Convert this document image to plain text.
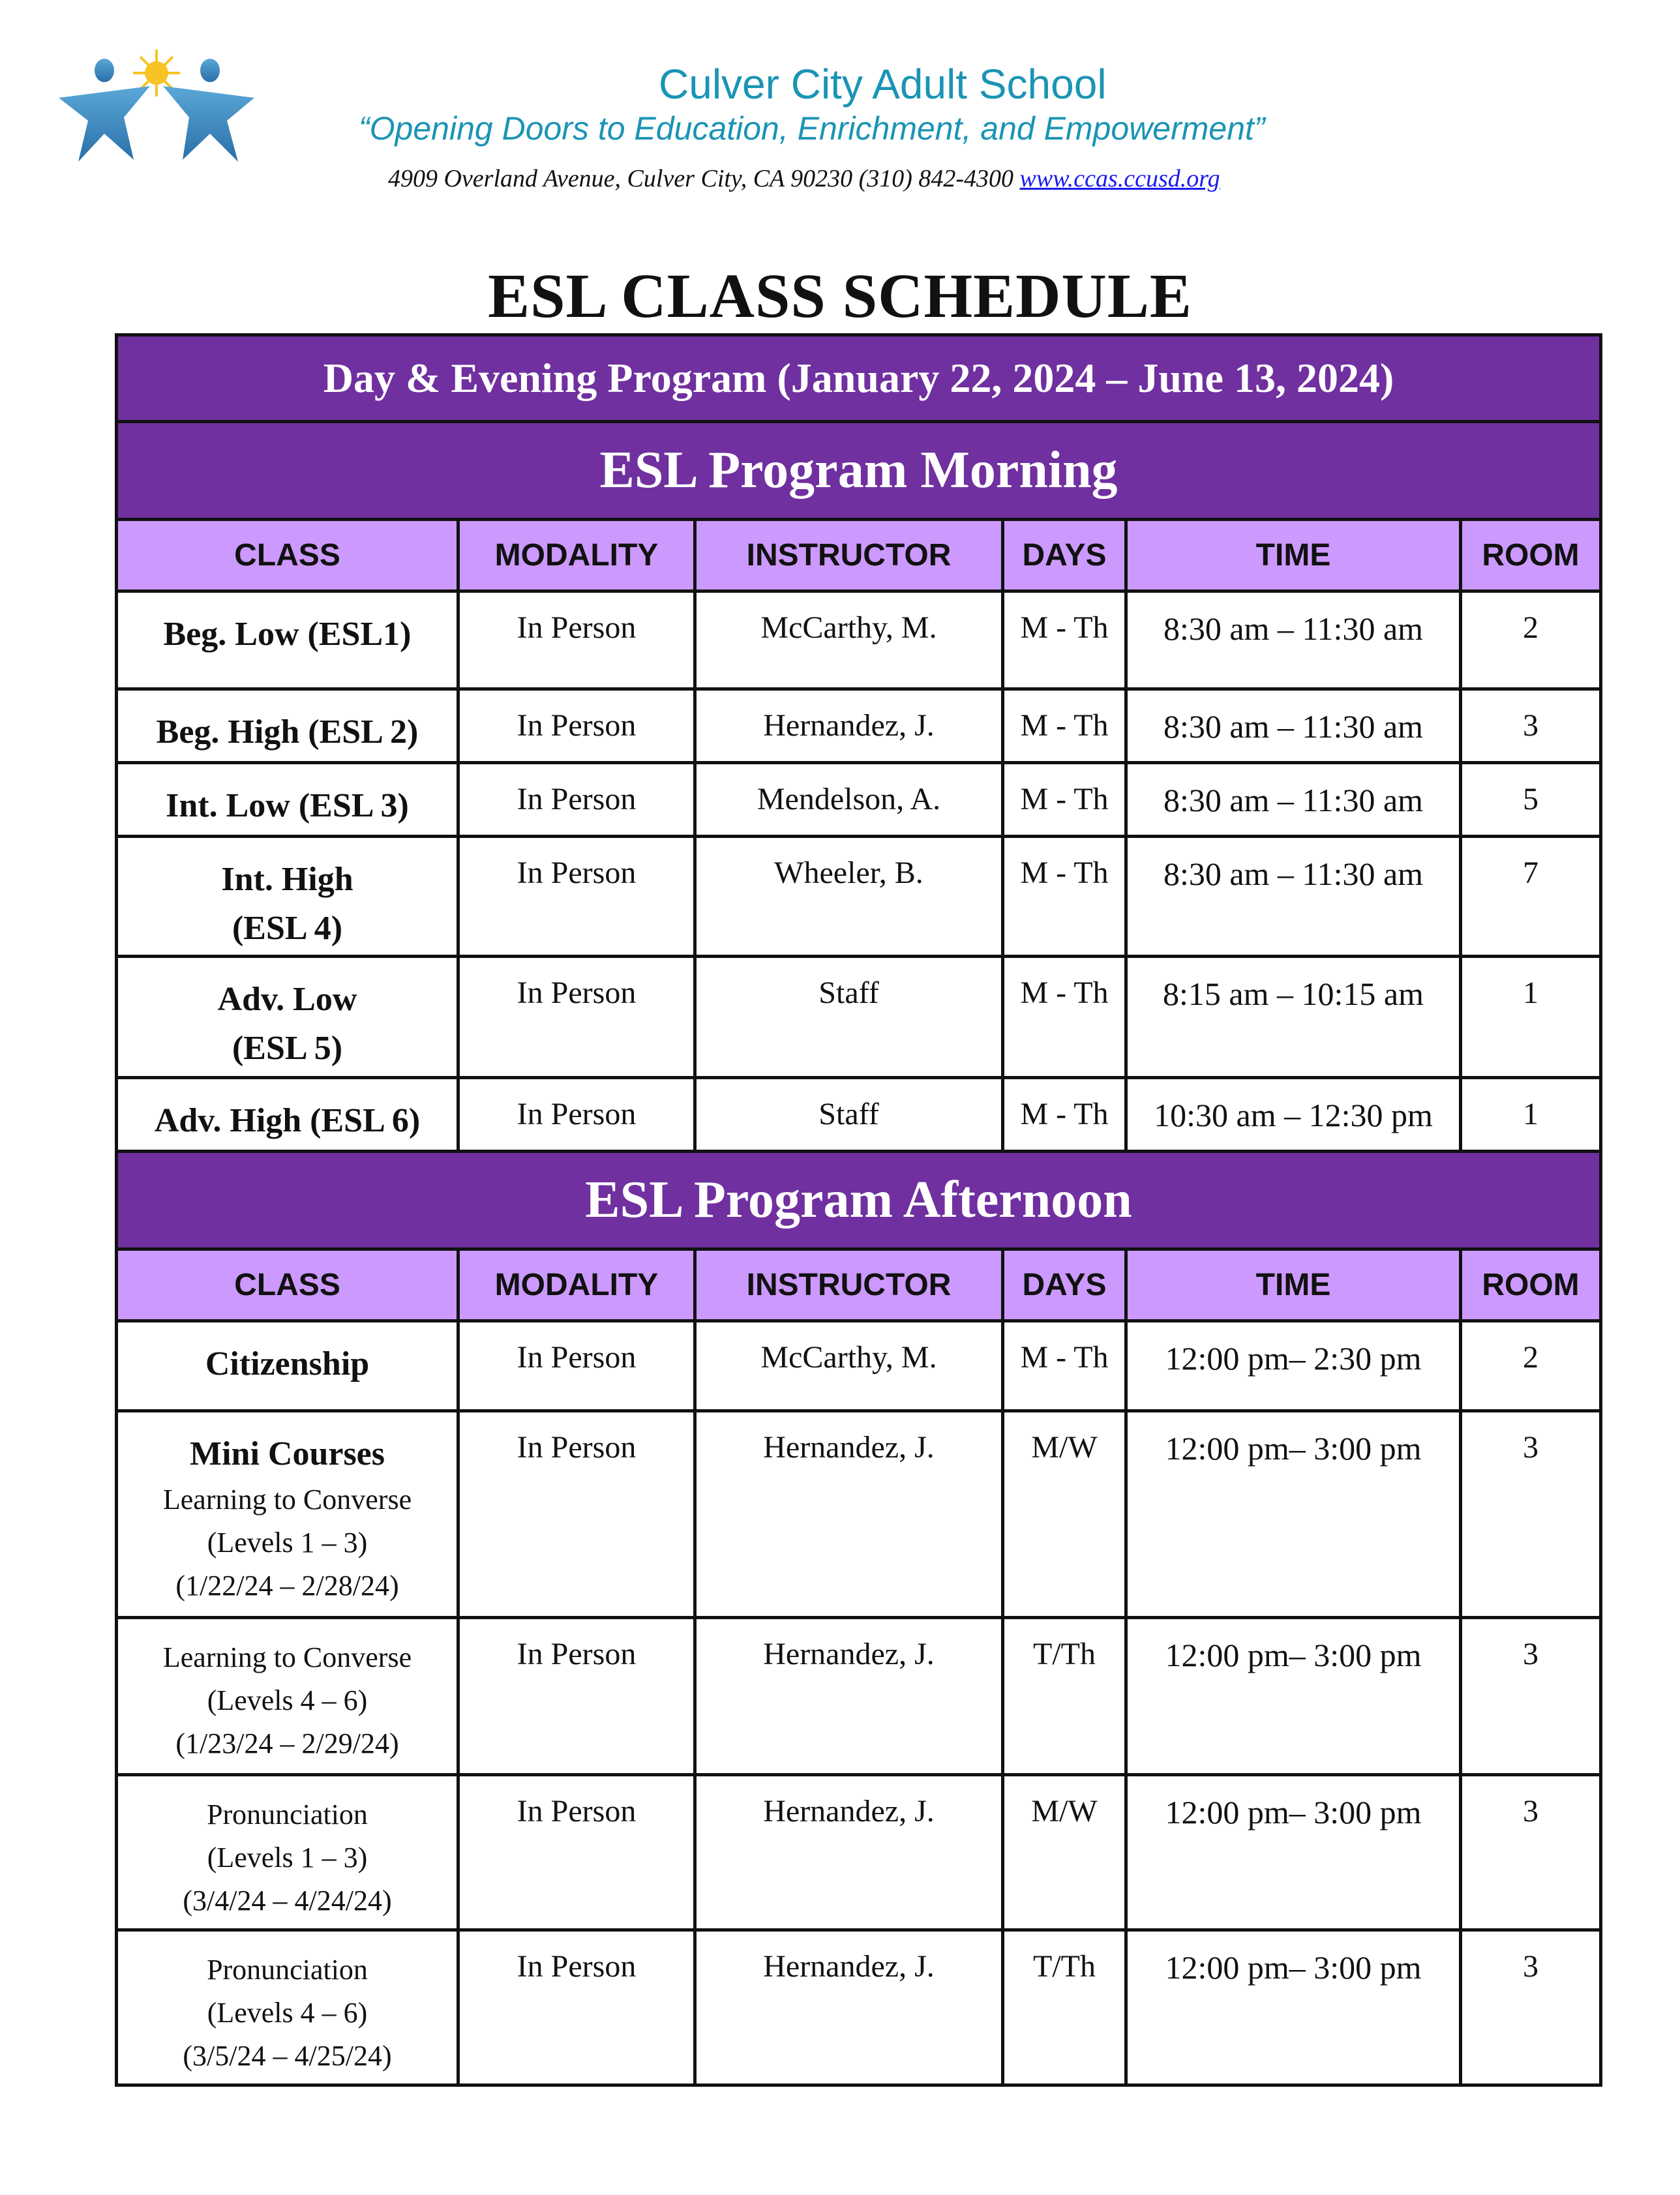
Culver City Adult School
“Opening Doors to Education, Enrichment, and Empowerment”
4909 Overland Avenue, Culver City, CA 90230 (310) 842-4300 www.ccas.ccusd.org
ESL CLASS SCHEDULE
Day & Evening Program (January 22, 2024 – June 13, 2024)					
ESL Program Morning					
CLASS	MODALITY	INSTRUCTOR	DAYS	TIME	ROOM

Beg. Low (ESL1)	In Person	McCarthy, M.	M - Th	8:30 am – 11:30 am	2

Beg. High (ESL 2)	In Person	Hernandez, J.	M - Th	8:30 am – 11:30 am	3

Int. Low (ESL 3)	In Person	Mendelson, A.	M - Th	8:30 am – 11:30 am	5

Int. High
(ESL 4)	In Person	Wheeler, B.	M - Th	8:30 am – 11:30 am	7

Adv. Low
(ESL 5)	In Person	Staff	M - Th	8:15 am – 10:15 am	1

Adv. High (ESL 6)	In Person	Staff	M - Th	10:30 am – 12:30 pm	1
ESL Program Afternoon					
CLASS	MODALITY	INSTRUCTOR	DAYS	TIME	ROOM

Citizenship	In Person	McCarthy, M.	M - Th	12:00 pm– 2:30 pm	2

Mini Courses
Learning to Converse
(Levels 1 – 3)
(1/22/24 – 2/28/24)	In Person	Hernandez, J.	M/W	12:00 pm– 3:00 pm	3

Learning to Converse
(Levels 4 – 6)
(1/23/24 – 2/29/24)	In Person	Hernandez, J.	T/Th	12:00 pm– 3:00 pm	3

Pronunciation
(Levels 1 – 3)
(3/4/24 – 4/24/24)	In Person	Hernandez, J.	M/W	12:00 pm– 3:00 pm	3

Pronunciation
(Levels 4 – 6)
(3/5/24 – 4/25/24)	In Person	Hernandez, J.	T/Th	12:00 pm– 3:00 pm	3
